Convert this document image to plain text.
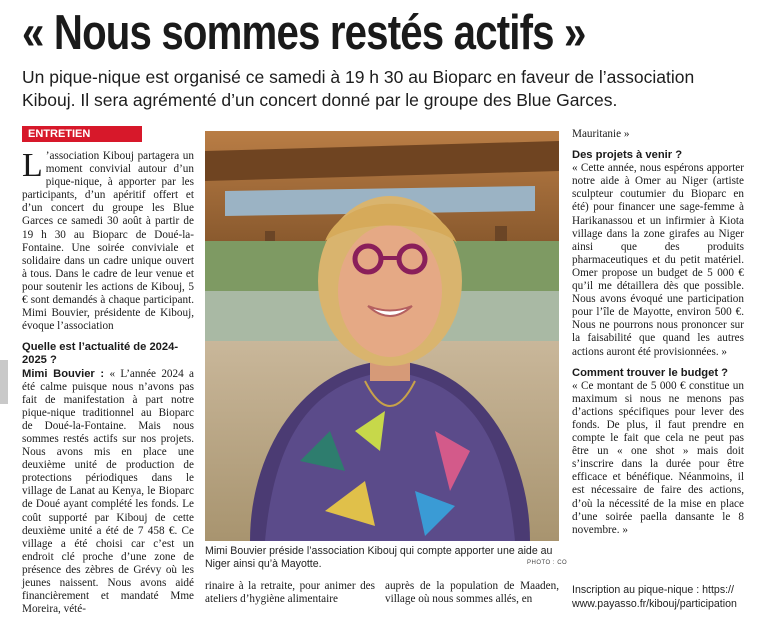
« Nous sommes restés actifs »
Un pique-nique est organisé ce samedi à 19 h 30 au Bioparc en faveur de l’association Kibouj. Il sera agrémenté d’un concert donné par le groupe des Blue Garces.
ENTRETIEN

L ’association Kibouj partagera un moment convivial autour d’un pique-nique, à apporter par les participants, d’un apéritif offert et d’un concert du groupe les Blue Garces ce samedi 30 août à partir de 19 h 30 au Bioparc de Doué-la-Fontaine. Une soirée conviviale et solidaire dans un cadre unique ouvert à tous. Dans le cadre de leur venue et pour soutenir les actions de Kibouj, 5 € sont demandés à chaque participant. Mimi Bouvier, présidente de Kibouj, évoque l’association

Quelle est l’actualité de 2024-2025 ?

Mimi Bouvier : « L’année 2024 a été calme puisque nous n’avons pas fait de manifestation à part notre pique-nique traditionnel au Bioparc de Doué-la-Fontaine. Mais nous sommes restés actifs sur nos projets. Nous avons mis en place une deuxième unité de production de protections périodiques dans le village de Lanat au Kenya, le Bioparc de Doué ayant complété les fonds. Le coût supporté par Kibouj de cette deuxième unité a été de 7 458 €. Ce village a été choisi car c’est un endroit clé proche d’une zone de présence des zèbres de Grévy où les jeunes naissent. Nous avons aidé financièrement et mandaté Mme Moreira, vété-

Mimi Bouvier préside l’association Kibouj qui compte apporter une aide au Niger ainsi qu’à Mayotte.	PHOTO : CO
rinaire à la retraite, pour animer des ateliers d’hygiène alimentaire
auprès de la population de Maaden, village où nous sommes allés, en

Mauritanie »

Des projets à venir ?

« Cette année, nous espérons apporter notre aide à Omer au Niger (artiste sculpteur coutumier du Bioparc en été) pour financer une sage-femme à Harikanassou et un infirmier à Kiota village dans la zone girafes au Niger ainsi que des produits pharmaceutiques et du petit matériel. Omer propose un budget de 5 000 € qu’il me détaillera dès que possible. Nous avons évoqué une participation pour l’île de Mayotte, environ 500 €. Nous ne pourrons nous prononcer sur la faisabilité que quand les autres actions auront été provisionnées. »

Comment trouver le budget ?

« Ce montant de 5 000 € constitue un maximum si nous ne menons pas d’actions spécifiques pour lever des fonds. De plus, il faut prendre en compte le fait que cela ne peut pas être un « one shot » mais doit s’inscrire dans la durée pour être efficace et bénéfique. Néanmoins, il est nécessaire de faire des actions, d’où la nécessité de la mise en place d’une soirée paella dansante le 8 novembre. »

Inscription au pique-nique : https://
www.payasso.fr/kibouj/participation
